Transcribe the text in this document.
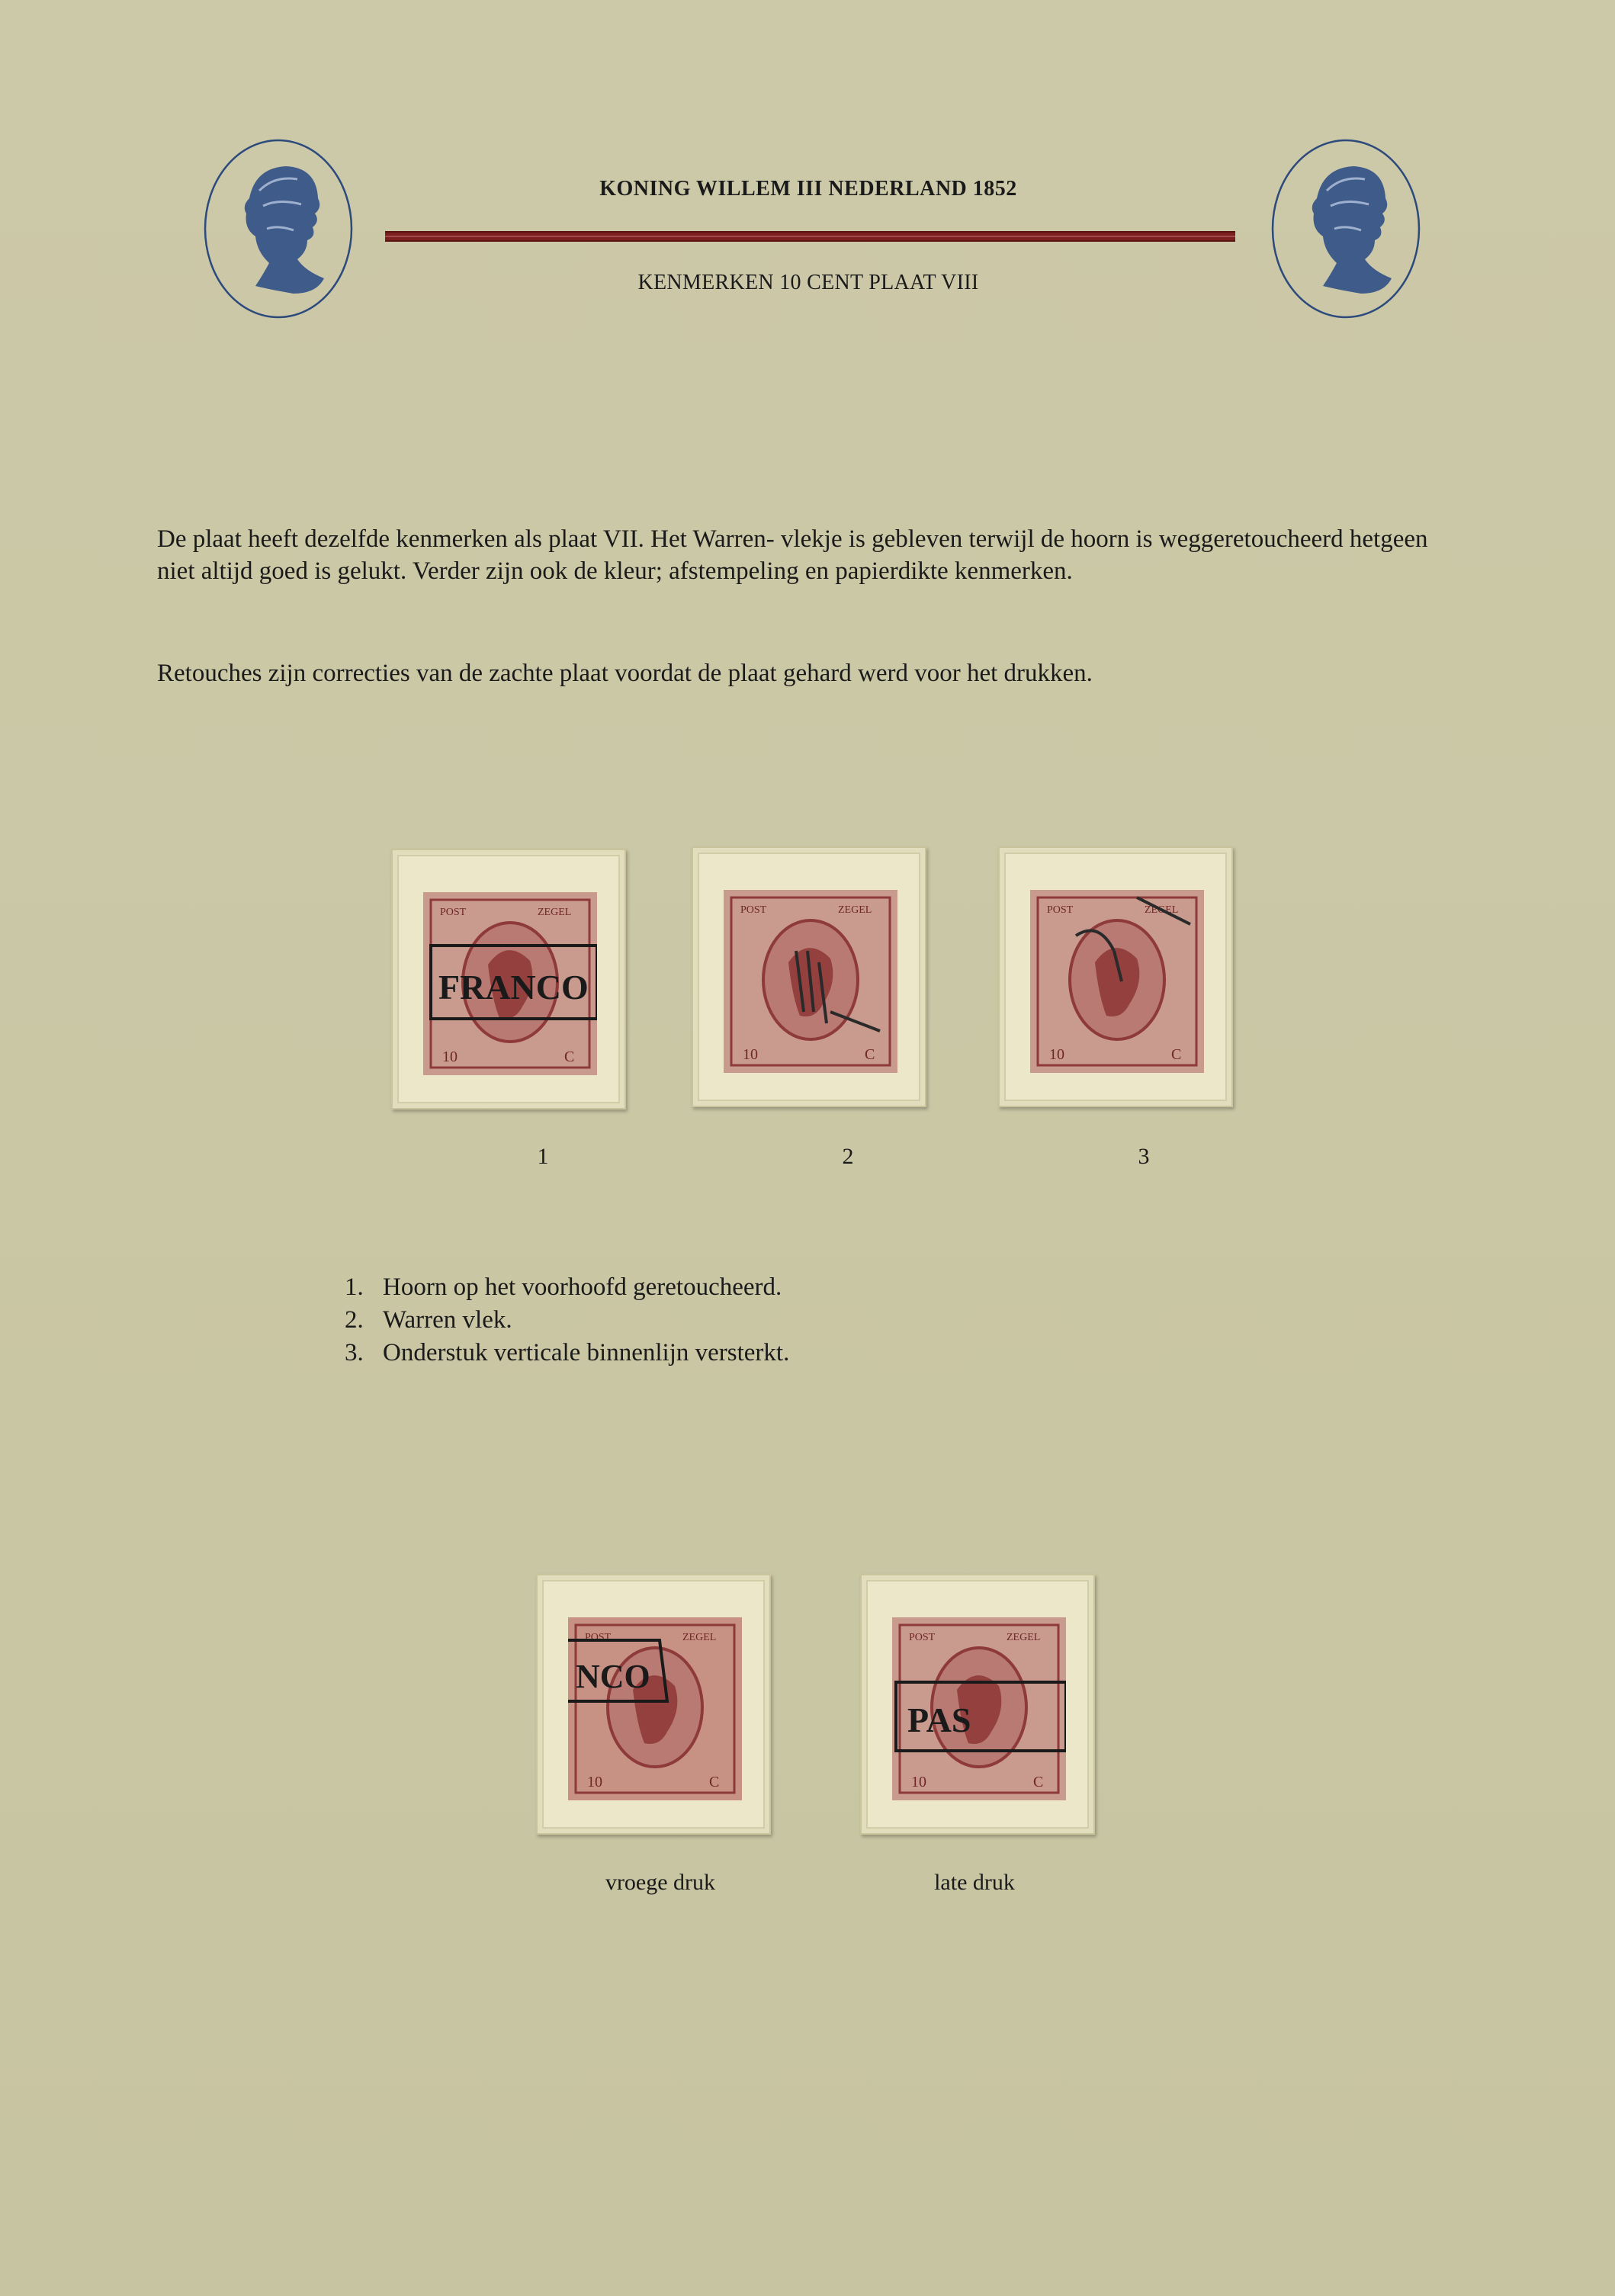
KONING WILLEM III NEDERLAND 1852
KENMERKEN 10 CENT PLAAT VIII
De plaat heeft dezelfde kenmerken als plaat VII. Het Warren- vlekje is gebleven terwijl de hoorn is weggeretoucheerd hetgeen niet altijd goed is gelukt. Verder zijn ook de kleur; afstempeling en papierdikte kenmerken.
Retouches zijn correcties van de zachte plaat voordat de plaat gehard werd voor het drukken.
POST	ZEGEL
10	C
FRANCO
1
POST	ZEGEL
10	C
2
POST	ZEGEL
10	C
3
1. Hoorn op het voorhoofd geretoucheerd.
2. Warren vlek.
3. Onderstuk verticale binnenlijn versterkt.
POST	ZEGEL
10	C
NCO
vroege druk
POST	ZEGEL
10	C
PAS
late druk
